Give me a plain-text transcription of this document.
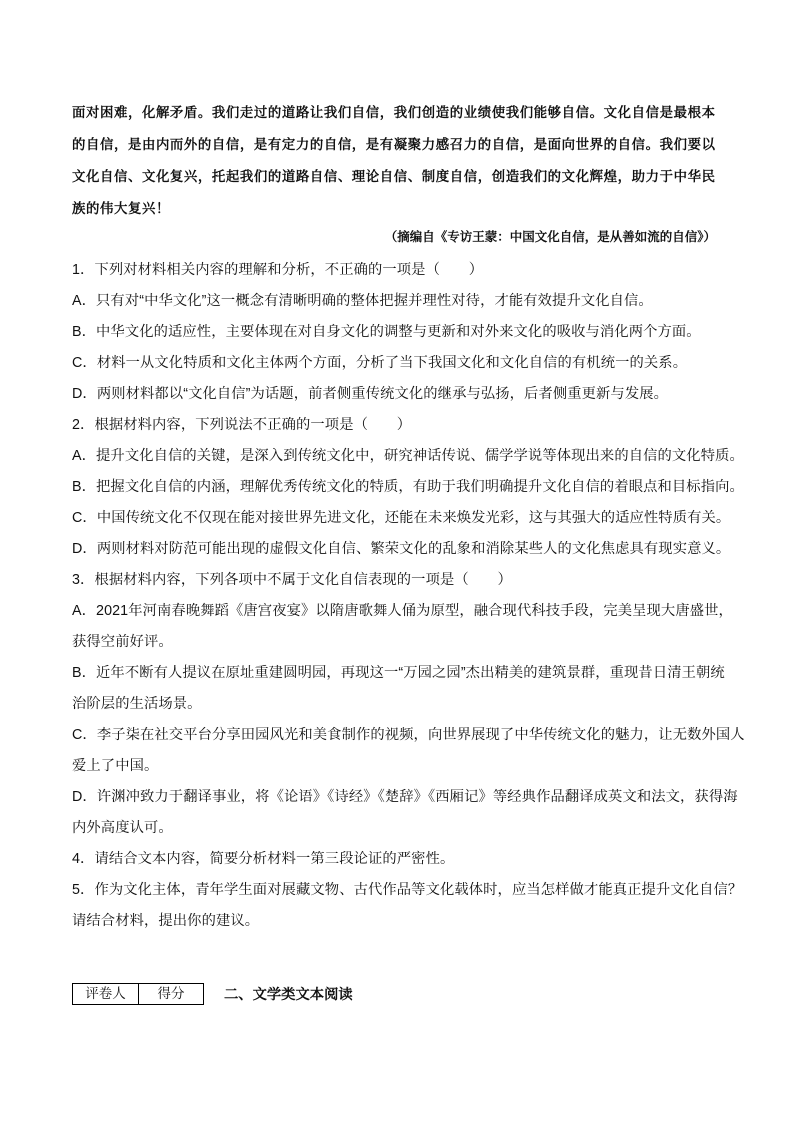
面对困难，化解矛盾。我们走过的道路让我们自信，我们创造的业绩使我们能够自信。文化自信是最根本

的自信，是由内而外的自信，是有定力的自信，是有凝聚力感召力的自信，是面向世界的自信。我们要以

文化自信、文化复兴，托起我们的道路自信、理论自信、制度自信，创造我们的文化辉煌，助力于中华民

族的伟大复兴！

（摘编自《专访王蒙：中国文化自信，是从善如流的自信》）

1．下列对材料相关内容的理解和分析，不正确的一项是（　　）

A．只有对“中华文化”这一概念有清晰明确的整体把握并理性对待，才能有效提升文化自信。

B．中华文化的适应性，主要体现在对自身文化的调整与更新和对外来文化的吸收与消化两个方面。

C．材料一从文化特质和文化主体两个方面，分析了当下我国文化和文化自信的有机统一的关系。

D．两则材料都以“文化自信”为话题，前者侧重传统文化的继承与弘扬，后者侧重更新与发展。

2．根据材料内容，下列说法不正确的一项是（　　）

A．提升文化自信的关键，是深入到传统文化中，研究神话传说、儒学学说等体现出来的自信的文化特质。

B．把握文化自信的内涵，理解优秀传统文化的特质，有助于我们明确提升文化自信的着眼点和目标指向。

C．中国传统文化不仅现在能对接世界先进文化，还能在未来焕发光彩，这与其强大的适应性特质有关。

D．两则材料对防范可能出现的虚假文化自信、繁荣文化的乱象和消除某些人的文化焦虑具有现实意义。

3．根据材料内容，下列各项中不属于文化自信表现的一项是（　　）

A．2021年河南春晚舞蹈《唐宫夜宴》以隋唐歌舞人俑为原型，融合现代科技手段，完美呈现大唐盛世，

获得空前好评。

B．近年不断有人提议在原址重建圆明园，再现这一“万园之园”杰出精美的建筑景群，重现昔日清王朝统

治阶层的生活场景。

C．李子柒在社交平台分享田园风光和美食制作的视频，向世界展现了中华传统文化的魅力，让无数外国人

爱上了中国。

D．许渊冲致力于翻译事业，将《论语》《诗经》《楚辞》《西厢记》等经典作品翻译成英文和法文，获得海

内外高度认可。

4．请结合文本内容，简要分析材料一第三段论证的严密性。

5．作为文化主体，青年学生面对展藏文物、古代作品等文化载体时，应当怎样做才能真正提升文化自信？

请结合材料，提出你的建议。

评卷人	得分	二、文学类文本阅读
